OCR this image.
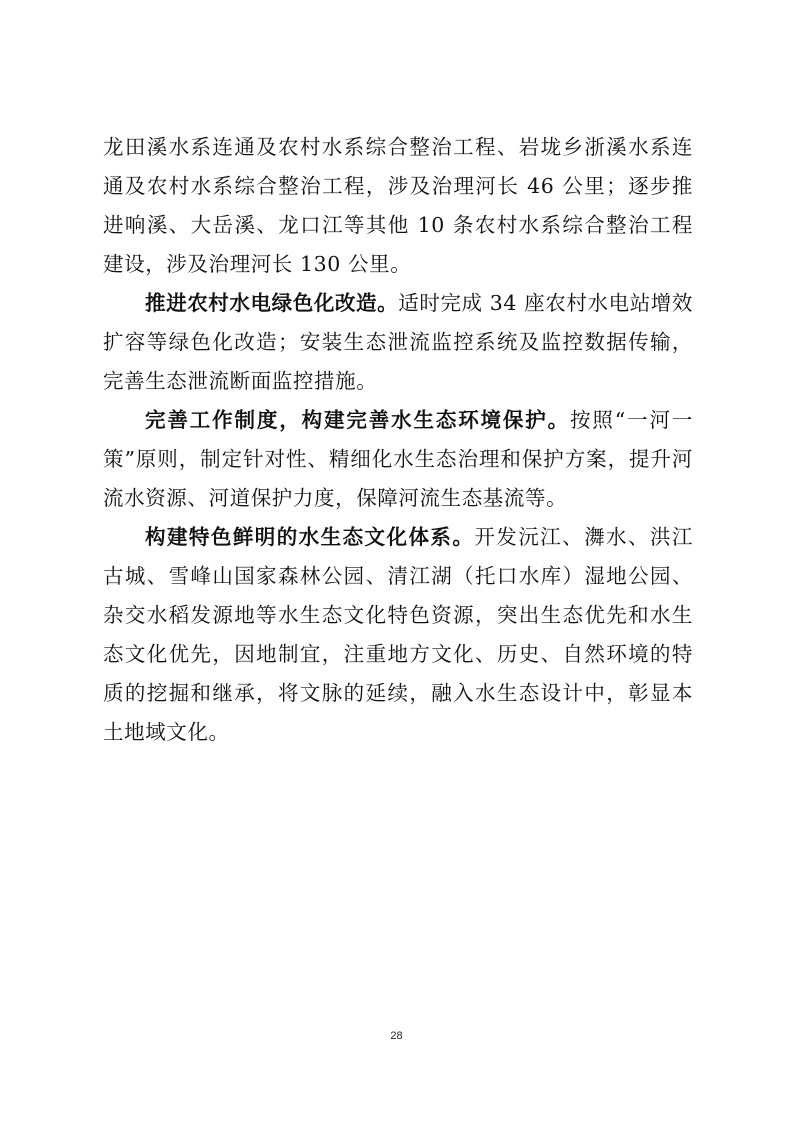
龙田溪水系连通及农村水系综合整治工程、岩垅乡浙溪水系连通及农村水系综合整治工程，涉及治理河长 46 公里；逐步推进响溪、大岳溪、龙口江等其他 10 条农村水系综合整治工程建设，涉及治理河长 130 公里。

推进农村水电绿色化改造。适时完成 34 座农村水电站增效扩容等绿色化改造；安装生态泄流监控系统及监控数据传输，完善生态泄流断面监控措施。

完善工作制度，构建完善水生态环境保护。按照“一河一策”原则，制定针对性、精细化水生态治理和保护方案，提升河流水资源、河道保护力度，保障河流生态基流等。

构建特色鲜明的水生态文化体系。开发沅江、㵲水、洪江古城、雪峰山国家森林公园、清江湖（托口水库）湿地公园、杂交水稻发源地等水生态文化特色资源，突出生态优先和水生态文化优先，因地制宜，注重地方文化、历史、自然环境的特质的挖掘和继承，将文脉的延续，融入水生态设计中，彰显本土地域文化。

28
